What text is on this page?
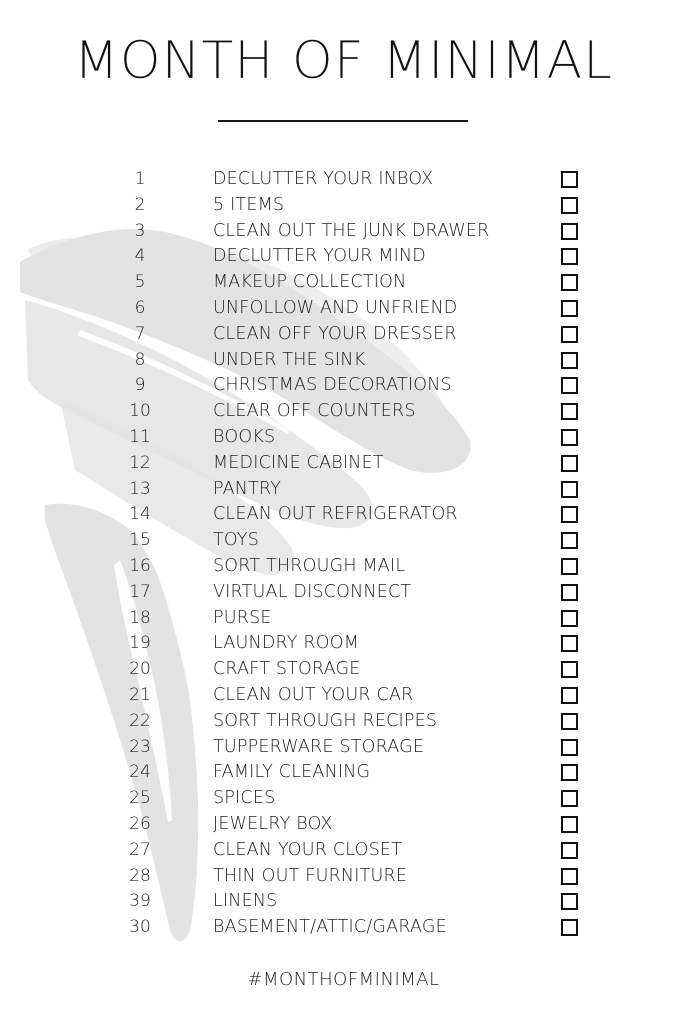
MONTH OF MINIMAL
1	DECLUTTER YOUR INBOX
2	5 ITEMS
3	CLEAN OUT THE JUNK DRAWER
4	DECLUTTER YOUR MIND
5	MAKEUP COLLECTION
6	UNFOLLOW AND UNFRIEND
7	CLEAN OFF YOUR DRESSER
8	UNDER THE SINK
9	CHRISTMAS DECORATIONS
10	CLEAR OFF COUNTERS
11	BOOKS
12	MEDICINE CABINET
13	PANTRY
14	CLEAN OUT REFRIGERATOR
15	TOYS
16	SORT THROUGH MAIL
17	VIRTUAL DISCONNECT
18	PURSE
19	LAUNDRY ROOM
20	CRAFT STORAGE
21	CLEAN OUT YOUR CAR
22	SORT THROUGH RECIPES
23	TUPPERWARE STORAGE
24	FAMILY CLEANING
25	SPICES
26	JEWELRY BOX
27	CLEAN YOUR CLOSET
28	THIN OUT FURNITURE
39	LINENS
30	BASEMENT/ATTIC/GARAGE
#MONTHOFMINIMAL
